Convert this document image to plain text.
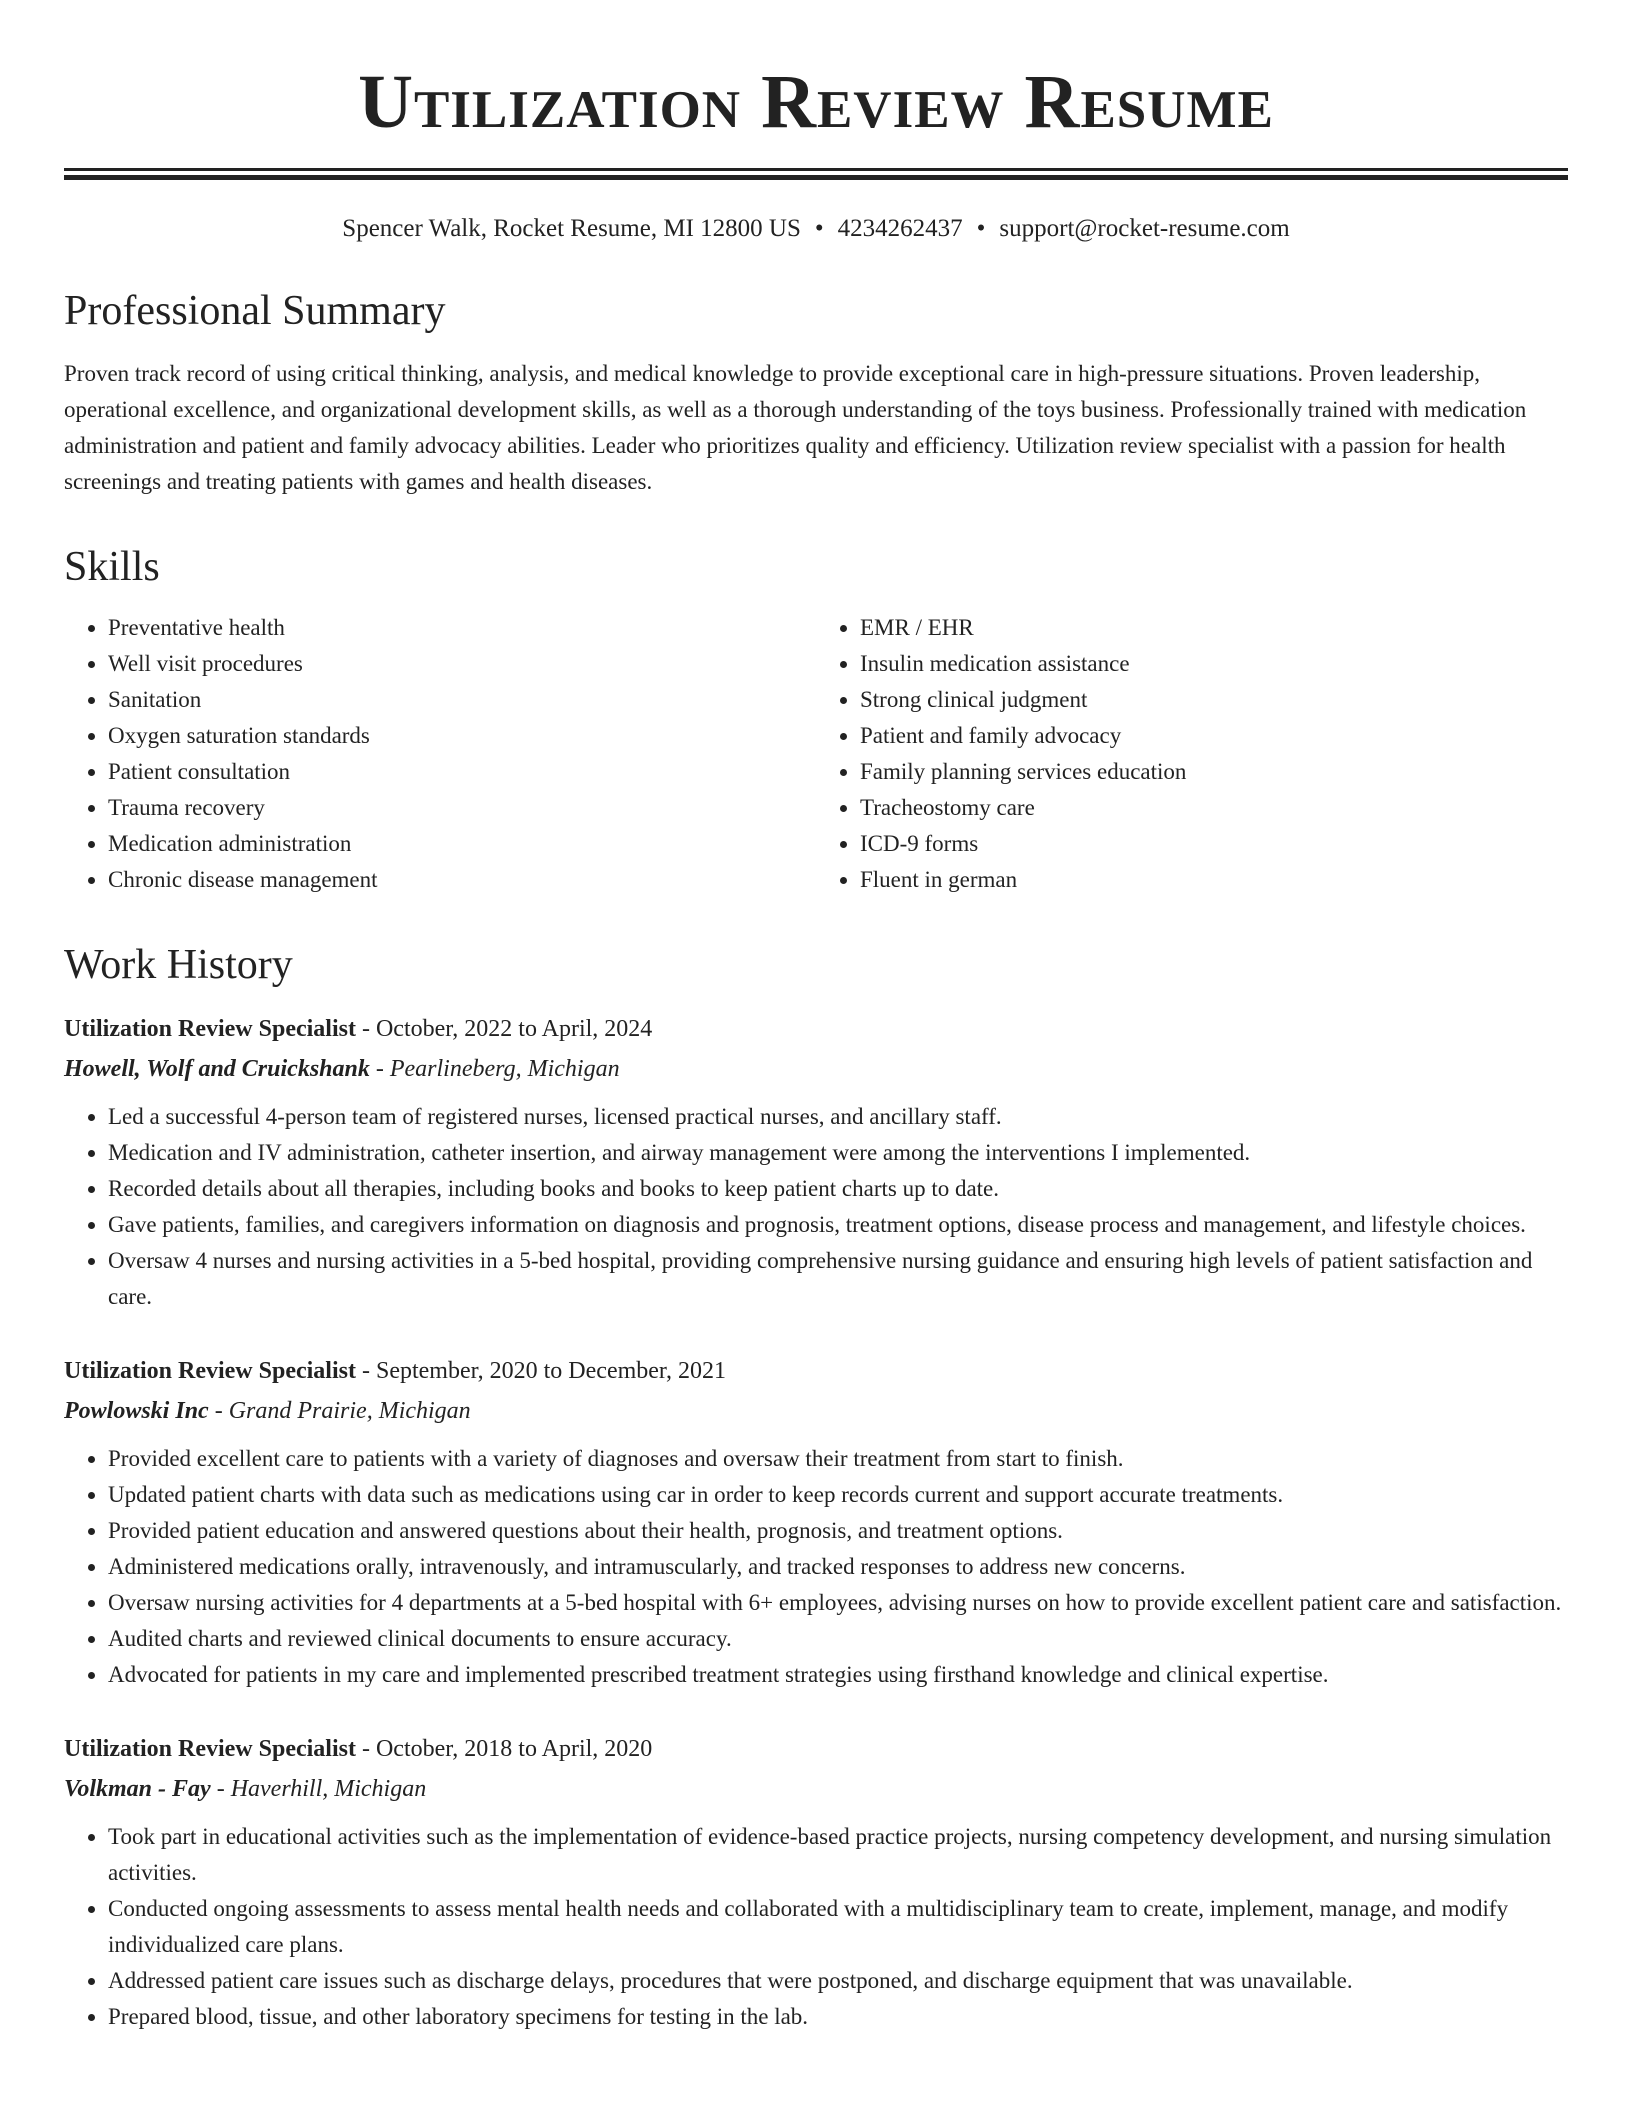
Utilization Review Resume
Spencer Walk, Rocket Resume, MI 12800 US • 4234262437 • support@rocket-resume.com
Professional Summary
Proven track record of using critical thinking, analysis, and medical knowledge to provide exceptional care in high-pressure situations. Proven leadership, operational excellence, and organizational development skills, as well as a thorough understanding of the toys business. Professionally trained with medication administration and patient and family advocacy abilities. Leader who prioritizes quality and efficiency. Utilization review specialist with a passion for health screenings and treating patients with games and health diseases.
Skills
• Preventative health
• Well visit procedures
• Sanitation
• Oxygen saturation standards
• Patient consultation
• Trauma recovery
• Medication administration
• Chronic disease management
• EMR / EHR
• Insulin medication assistance
• Strong clinical judgment
• Patient and family advocacy
• Family planning services education
• Tracheostomy care
• ICD-9 forms
• Fluent in german
Work History
Utilization Review Specialist - October, 2022 to April, 2024
Howell, Wolf and Cruickshank - Pearlineberg, Michigan
• Led a successful 4-person team of registered nurses, licensed practical nurses, and ancillary staff.
• Medication and IV administration, catheter insertion, and airway management were among the interventions I implemented.
• Recorded details about all therapies, including books and books to keep patient charts up to date.
• Gave patients, families, and caregivers information on diagnosis and prognosis, treatment options, disease process and management, and lifestyle choices.
• Oversaw 4 nurses and nursing activities in a 5-bed hospital, providing comprehensive nursing guidance and ensuring high levels of patient satisfaction and care.
Utilization Review Specialist - September, 2020 to December, 2021
Powlowski Inc - Grand Prairie, Michigan
• Provided excellent care to patients with a variety of diagnoses and oversaw their treatment from start to finish.
• Updated patient charts with data such as medications using car in order to keep records current and support accurate treatments.
• Provided patient education and answered questions about their health, prognosis, and treatment options.
• Administered medications orally, intravenously, and intramuscularly, and tracked responses to address new concerns.
• Oversaw nursing activities for 4 departments at a 5-bed hospital with 6+ employees, advising nurses on how to provide excellent patient care and satisfaction.
• Audited charts and reviewed clinical documents to ensure accuracy.
• Advocated for patients in my care and implemented prescribed treatment strategies using firsthand knowledge and clinical expertise.
Utilization Review Specialist - October, 2018 to April, 2020
Volkman - Fay - Haverhill, Michigan
• Took part in educational activities such as the implementation of evidence-based practice projects, nursing competency development, and nursing simulation activities.
• Conducted ongoing assessments to assess mental health needs and collaborated with a multidisciplinary team to create, implement, manage, and modify individualized care plans.
• Addressed patient care issues such as discharge delays, procedures that were postponed, and discharge equipment that was unavailable.
• Prepared blood, tissue, and other laboratory specimens for testing in the lab.
